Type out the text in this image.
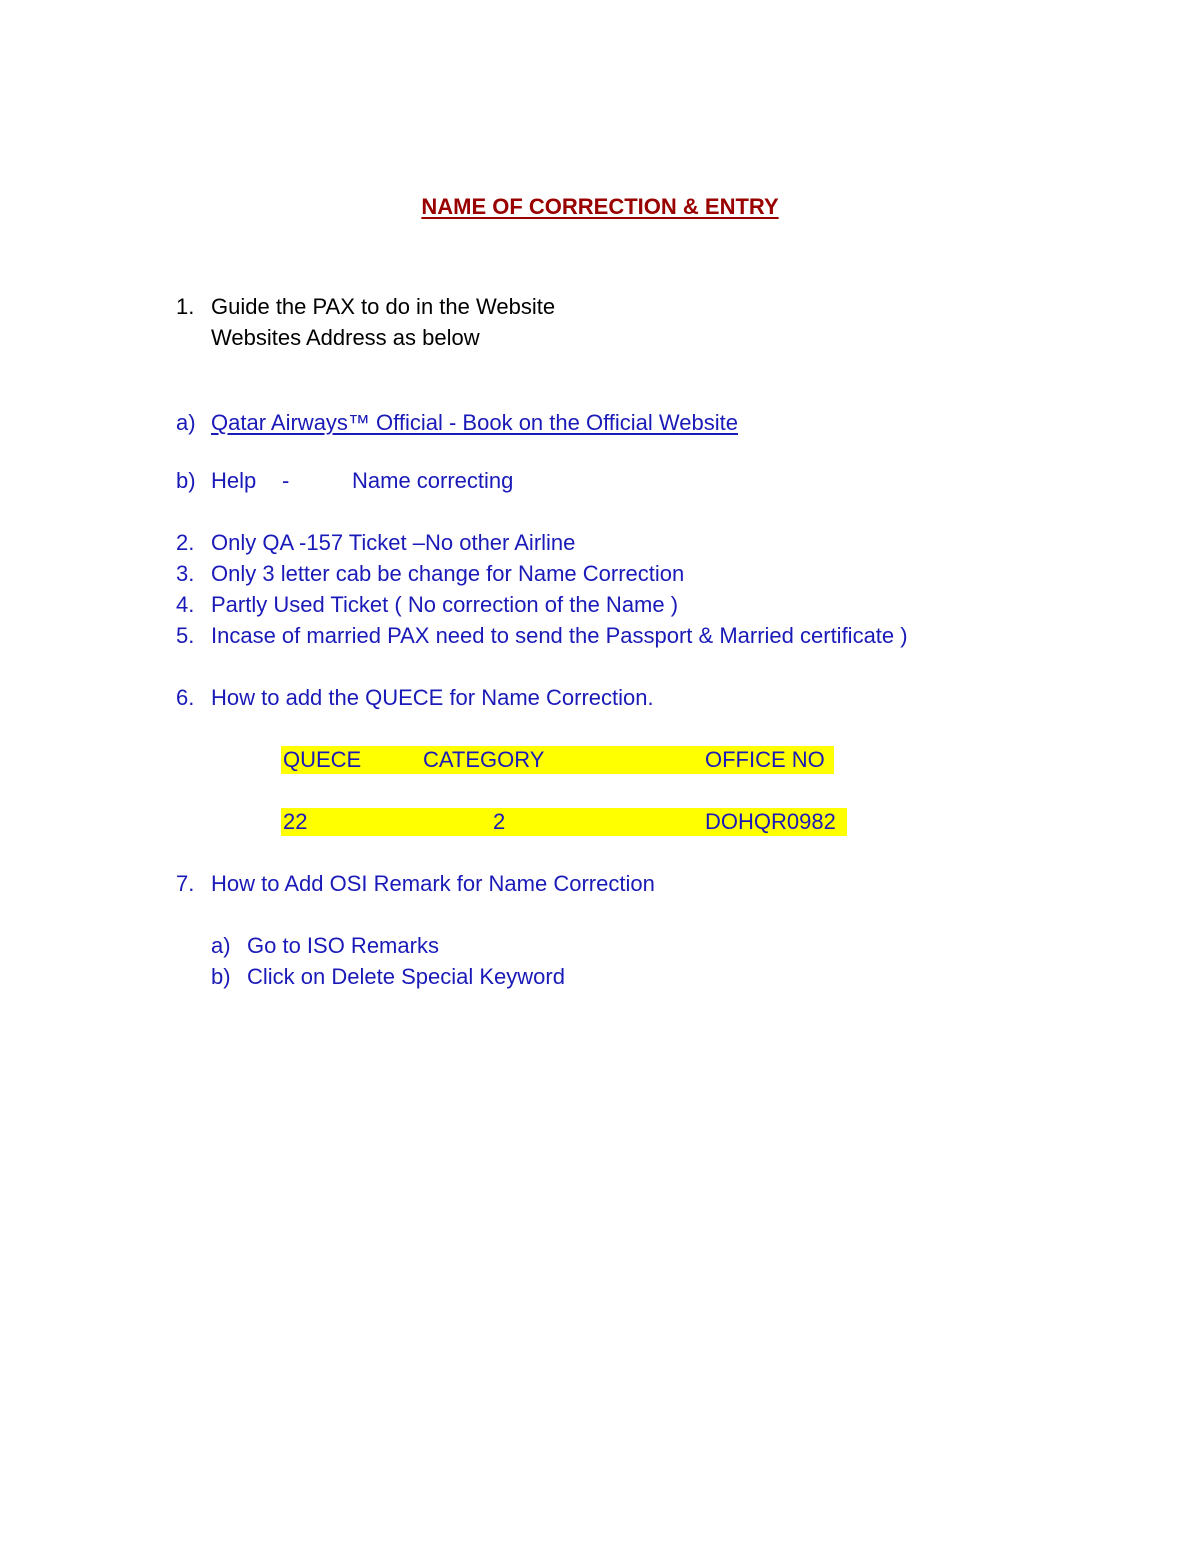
NAME OF CORRECTION & ENTRY
1. Guide the PAX to do in the Website
Websites Address as below
a) Qatar Airways™ Official - Book on the Official Website
b) Help -	Name correcting
2. Only QA -157 Ticket –No other Airline
3. Only 3 letter cab be change for Name Correction
4. Partly Used Ticket ( No correction of the Name )
5. Incase of married PAX need to send the Passport & Married certificate )
6. How to add the QUECE for Name Correction.
QUECE	CATEGORY	OFFICE NO
22	2	DOHQR0982
7. How to Add OSI Remark for Name Correction
a) Go to ISO Remarks
b) Click on Delete Special Keyword
